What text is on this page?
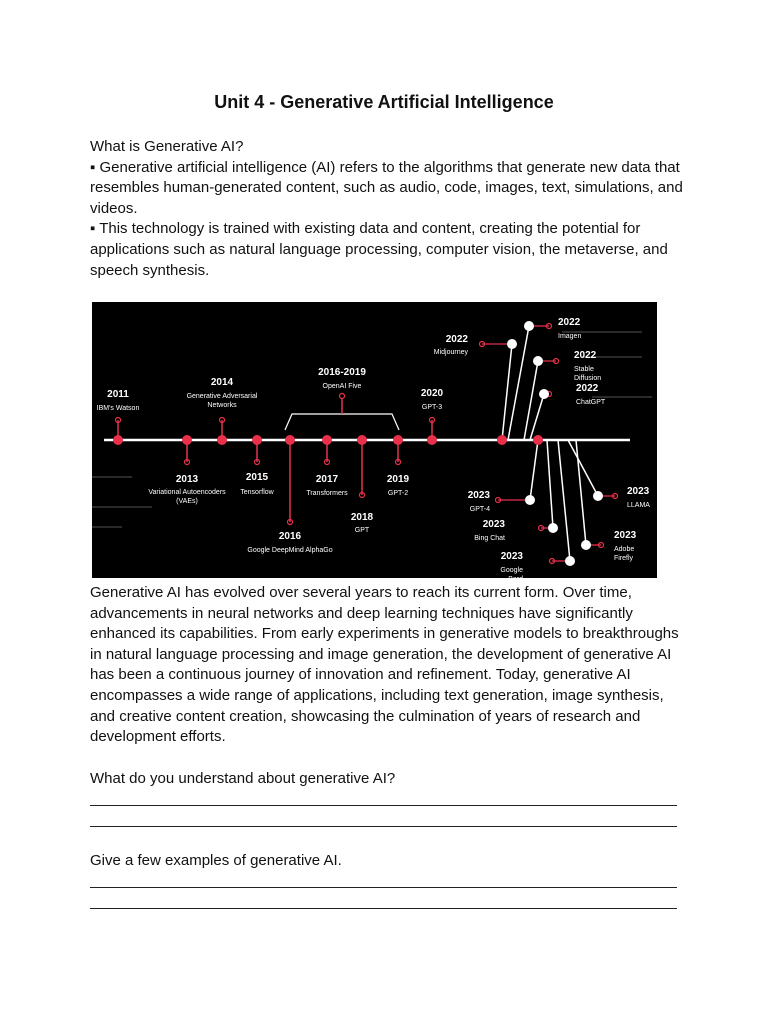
Unit 4 - Generative Artificial Intelligence
What is Generative AI?
▪ Generative artificial intelligence (AI) refers to the algorithms that generate new data that resembles human-generated content, such as audio, code, images, text, simulations, and videos.
▪ This technology is trained with existing data and content, creating the potential for applications such as natural language processing, computer vision, the metaverse, and speech synthesis.
2011
IBM's Watson
2013
Variational Autoencoders (VAEs)
2014
Generative Adversarial Networks
2015
Tensorflow
2016
Google DeepMind AlphaGo
2017
Transformers
2018
GPT
2019
GPT-2
2020
GPT-3
2016-2019
OpenAI Five
2022
Midjourney
2022
Imagen
2022
Stable Diffusion
2022
ChatGPT
2023
GPT-4
2023
Bing Chat
2023
Google Bard
2023
LLAMA
2023
Adobe Firefly
Generative AI has evolved over several years to reach its current form. Over time, advancements in neural networks and deep learning techniques have significantly enhanced its capabilities. From early experiments in generative models to breakthroughs in natural language processing and image generation, the development of generative AI has been a continuous journey of innovation and refinement. Today, generative AI encompasses a wide range of applications, including text generation, image synthesis, and creative content creation, showcasing the culmination of years of research and development efforts.
What do you understand about generative AI?
Give a few examples of generative AI.
